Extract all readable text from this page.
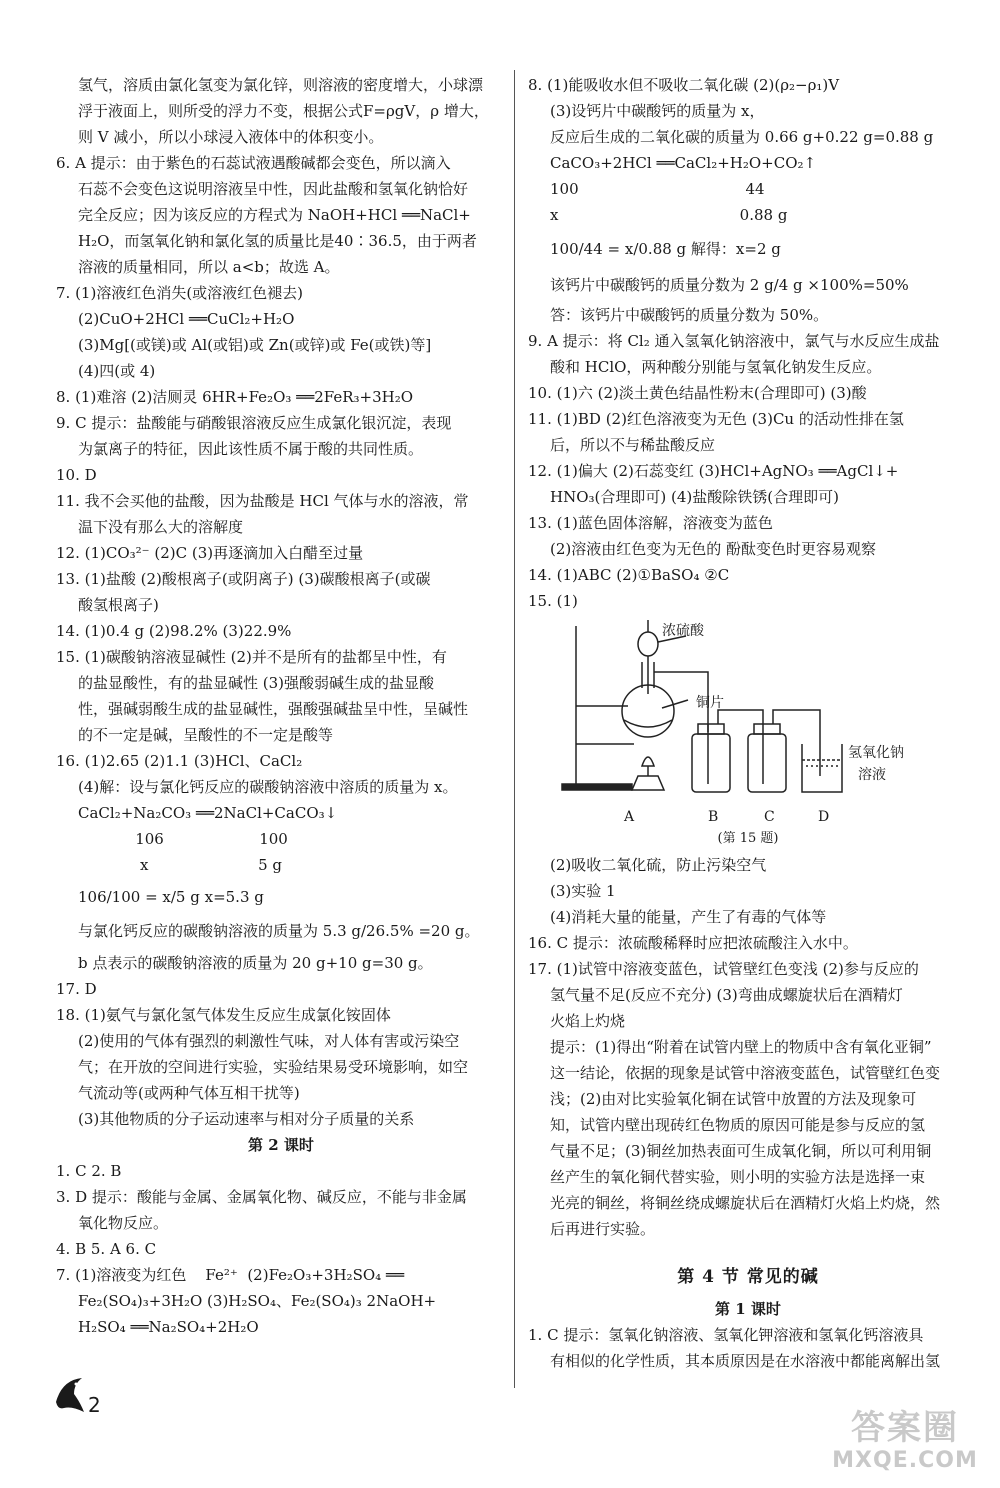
氢气，溶质由氯化氢变为氯化锌，则溶液的密度增大，小球漂
浮于液面上，则所受的浮力不变，根据公式F=ρgV，ρ 增大，
则 V 减小，所以小球浸入液体中的体积变小。
6. A 提示：由于紫色的石蕊试液遇酸碱都会变色，所以滴入
石蕊不会变色这说明溶液呈中性，因此盐酸和氢氧化钠恰好
完全反应；因为该反应的方程式为 NaOH+HCl ══NaCl+
H₂O，而氢氧化钠和氯化氢的质量比是40∶36.5，由于两者
溶液的质量相同，所以 a<b；故选 A。
7. (1)溶液红色消失(或溶液红色褪去)
(2)CuO+2HCl ══CuCl₂+H₂O
(3)Mg[(或镁)或 Al(或铝)或 Zn(或锌)或 Fe(或铁)等]
(4)四(或 4)
8. (1)难溶 (2)洁厕灵 6HR+Fe₂O₃ ══2FeR₃+3H₂O
9. C 提示：盐酸能与硝酸银溶液反应生成氯化银沉淀，表现
为氯离子的特征，因此该性质不属于酸的共同性质。
10. D
11. 我不会买他的盐酸，因为盐酸是 HCl 气体与水的溶液，常
温下没有那么大的溶解度
12. (1)CO₃²⁻ (2)C (3)再逐滴加入白醋至过量
13. (1)盐酸 (2)酸根离子(或阴离子) (3)碳酸根离子(或碳
酸氢根离子)
14. (1)0.4 g (2)98.2% (3)22.9%
15. (1)碳酸钠溶液显碱性 (2)并不是所有的盐都呈中性，有
的盐显酸性，有的盐显碱性 (3)强酸弱碱生成的盐显酸
性，强碱弱酸生成的盐显碱性，强酸强碱盐呈中性，呈碱性
的不一定是碱，呈酸性的不一定是酸等
16. (1)2.65 (2)1.1 (3)HCl、CaCl₂
(4)解：设与氯化钙反应的碳酸钠溶液中溶质的质量为 x。
CaCl₂+Na₂CO₃ ══2NaCl+CaCO₃↓
106                    100
x                       5 g
106/100 = x/5 g x=5.3 g
与氯化钙反应的碳酸钠溶液的质量为 5.3 g/26.5% =20 g。
b 点表示的碳酸钠溶液的质量为 20 g+10 g=30 g。
17. D
18. (1)氨气与氯化氢气体发生反应生成氯化铵固体
(2)使用的气体有强烈的刺激性气味，对人体有害或污染空
气；在开放的空间进行实验，实验结果易受环境影响，如空
气流动等(或两种气体互相干扰等)
(3)其他物质的分子运动速率与相对分子质量的关系
第 2 课时
1. C 2. B
3. D 提示：酸能与金属、金属氧化物、碱反应，不能与非金属
氧化物反应。
4. B 5. A 6. C
7. (1)溶液变为红色    Fe²⁺  (2)Fe₂O₃+3H₂SO₄ ══
Fe₂(SO₄)₃+3H₂O (3)H₂SO₄、Fe₂(SO₄)₃ 2NaOH+
H₂SO₄ ══Na₂SO₄+2H₂O
8. (1)能吸收水但不吸收二氧化碳 (2)(ρ₂−ρ₁)V
(3)设钙片中碳酸钙的质量为 x，
反应后生成的二氧化碳的质量为 0.66 g+0.22 g=0.88 g
CaCO₃+2HCl ══CaCl₂+H₂O+CO₂↑
100                                   44
x                                      0.88 g
100/44 = x/0.88 g 解得：x=2 g
该钙片中碳酸钙的质量分数为 2 g/4 g ×100%=50%
答：该钙片中碳酸钙的质量分数为 50%。
9. A 提示：将 Cl₂ 通入氢氧化钠溶液中，氯气与水反应生成盐
酸和 HClO，两种酸分别能与氢氧化钠发生反应。
10. (1)六 (2)淡土黄色结晶性粉末(合理即可) (3)酸
11. (1)BD (2)红色溶液变为无色 (3)Cu 的活动性排在氢
后，所以不与稀盐酸反应
12. (1)偏大 (2)石蕊变红 (3)HCl+AgNO₃ ══AgCl↓+
HNO₃(合理即可) (4)盐酸除铁锈(合理即可)
13. (1)蓝色固体溶解，溶液变为蓝色
(2)溶液由红色变为无色的 酚酞变色时更容易观察
14. (1)ABC (2)①BaSO₄ ②C
15. (1)
浓硫酸
铜片
氢氧化钠
溶液
A	B	C	D
(第 15 题)
(2)吸收二氧化硫，防止污染空气
(3)实验 1
(4)消耗大量的能量，产生了有毒的气体等
16. C 提示：浓硫酸稀释时应把浓硫酸注入水中。
17. (1)试管中溶液变蓝色，试管壁红色变浅 (2)参与反应的
氢气量不足(反应不充分) (3)弯曲成螺旋状后在酒精灯
火焰上灼烧
提示：(1)得出“附着在试管内壁上的物质中含有氧化亚铜”
这一结论，依据的现象是试管中溶液变蓝色，试管壁红色变
浅；(2)由对比实验氧化铜在试管中放置的方法及现象可
知，试管内壁出现砖红色物质的原因可能是参与反应的氢
气量不足；(3)铜丝加热表面可生成氧化铜，所以可利用铜
丝产生的氧化铜代替实验，则小明的实验方法是选择一束
光亮的铜丝，将铜丝绕成螺旋状后在酒精灯火焰上灼烧，然
后再进行实验。
第 4 节 常见的碱
第 1 课时
1. C 提示：氢氧化钠溶液、氢氧化钾溶液和氢氧化钙溶液具
有相似的化学性质，其本质原因是在水溶液中都能离解出氢
2
答案圈
MXQE.COM
